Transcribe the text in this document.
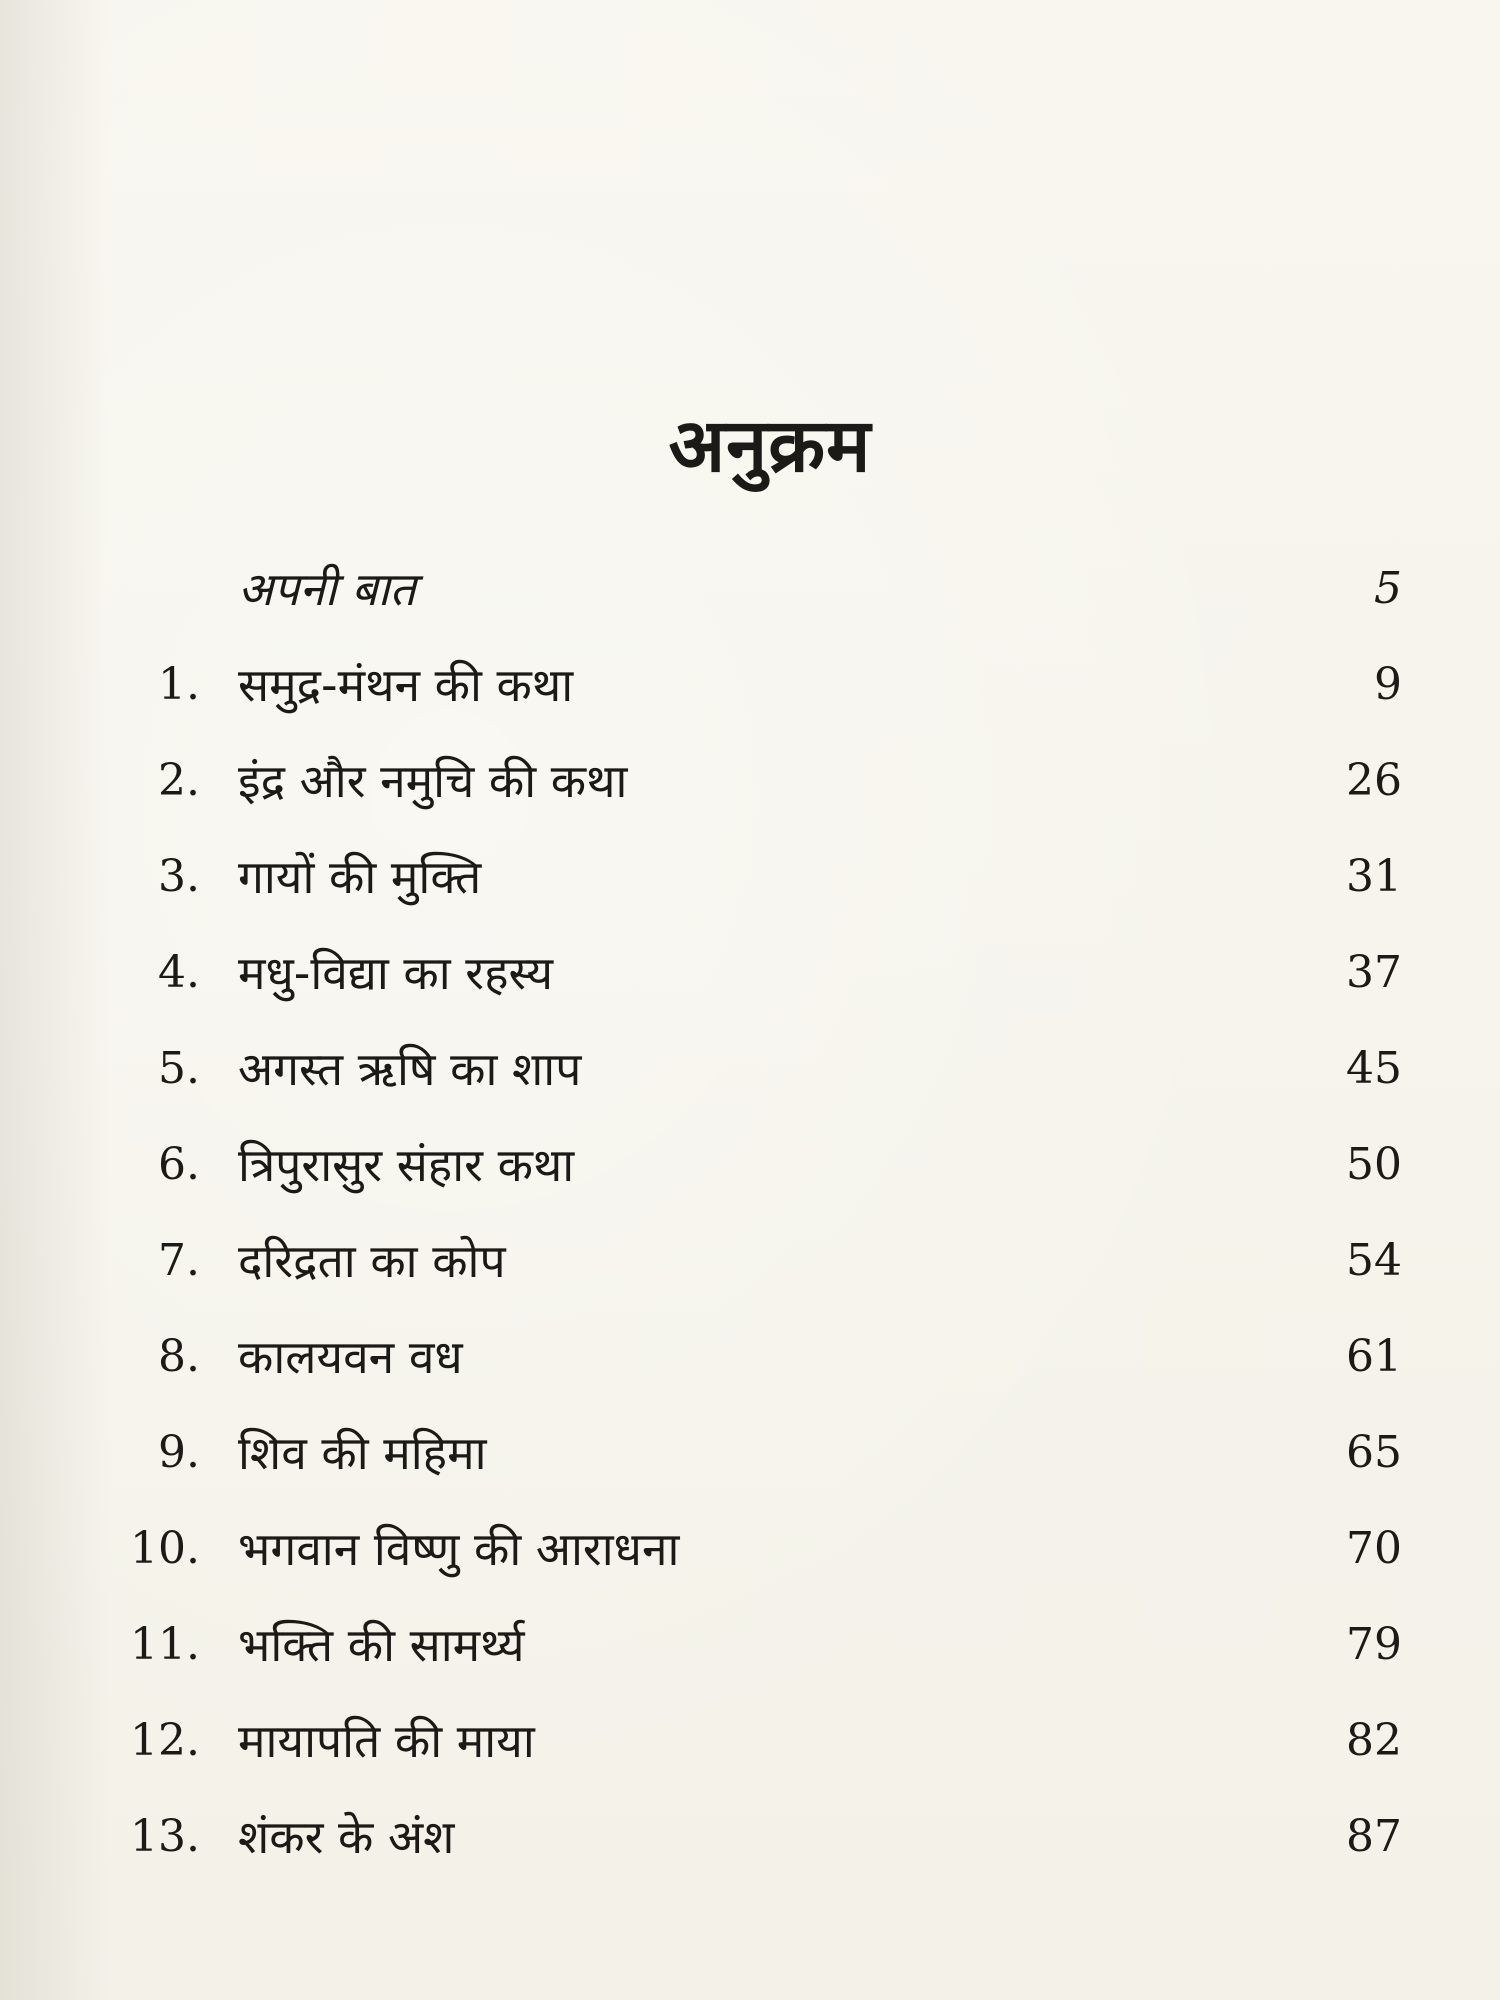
अनुक्रम
अपनी बात	5
1. समुद्र-मंथन की कथा	9
2. इंद्र और नमुचि की कथा	26
3. गायों की मुक्ति	31
4. मधु-विद्या का रहस्य	37
5. अगस्त ऋषि का शाप	45
6. त्रिपुरासुर संहार कथा	50
7. दरिद्रता का कोप	54
8. कालयवन वध	61
9. शिव की महिमा	65
10. भगवान विष्णु की आराधना	70
11. भक्ति की सामर्थ्य	79
12. मायापति की माया	82
13. शंकर के अंश	87
